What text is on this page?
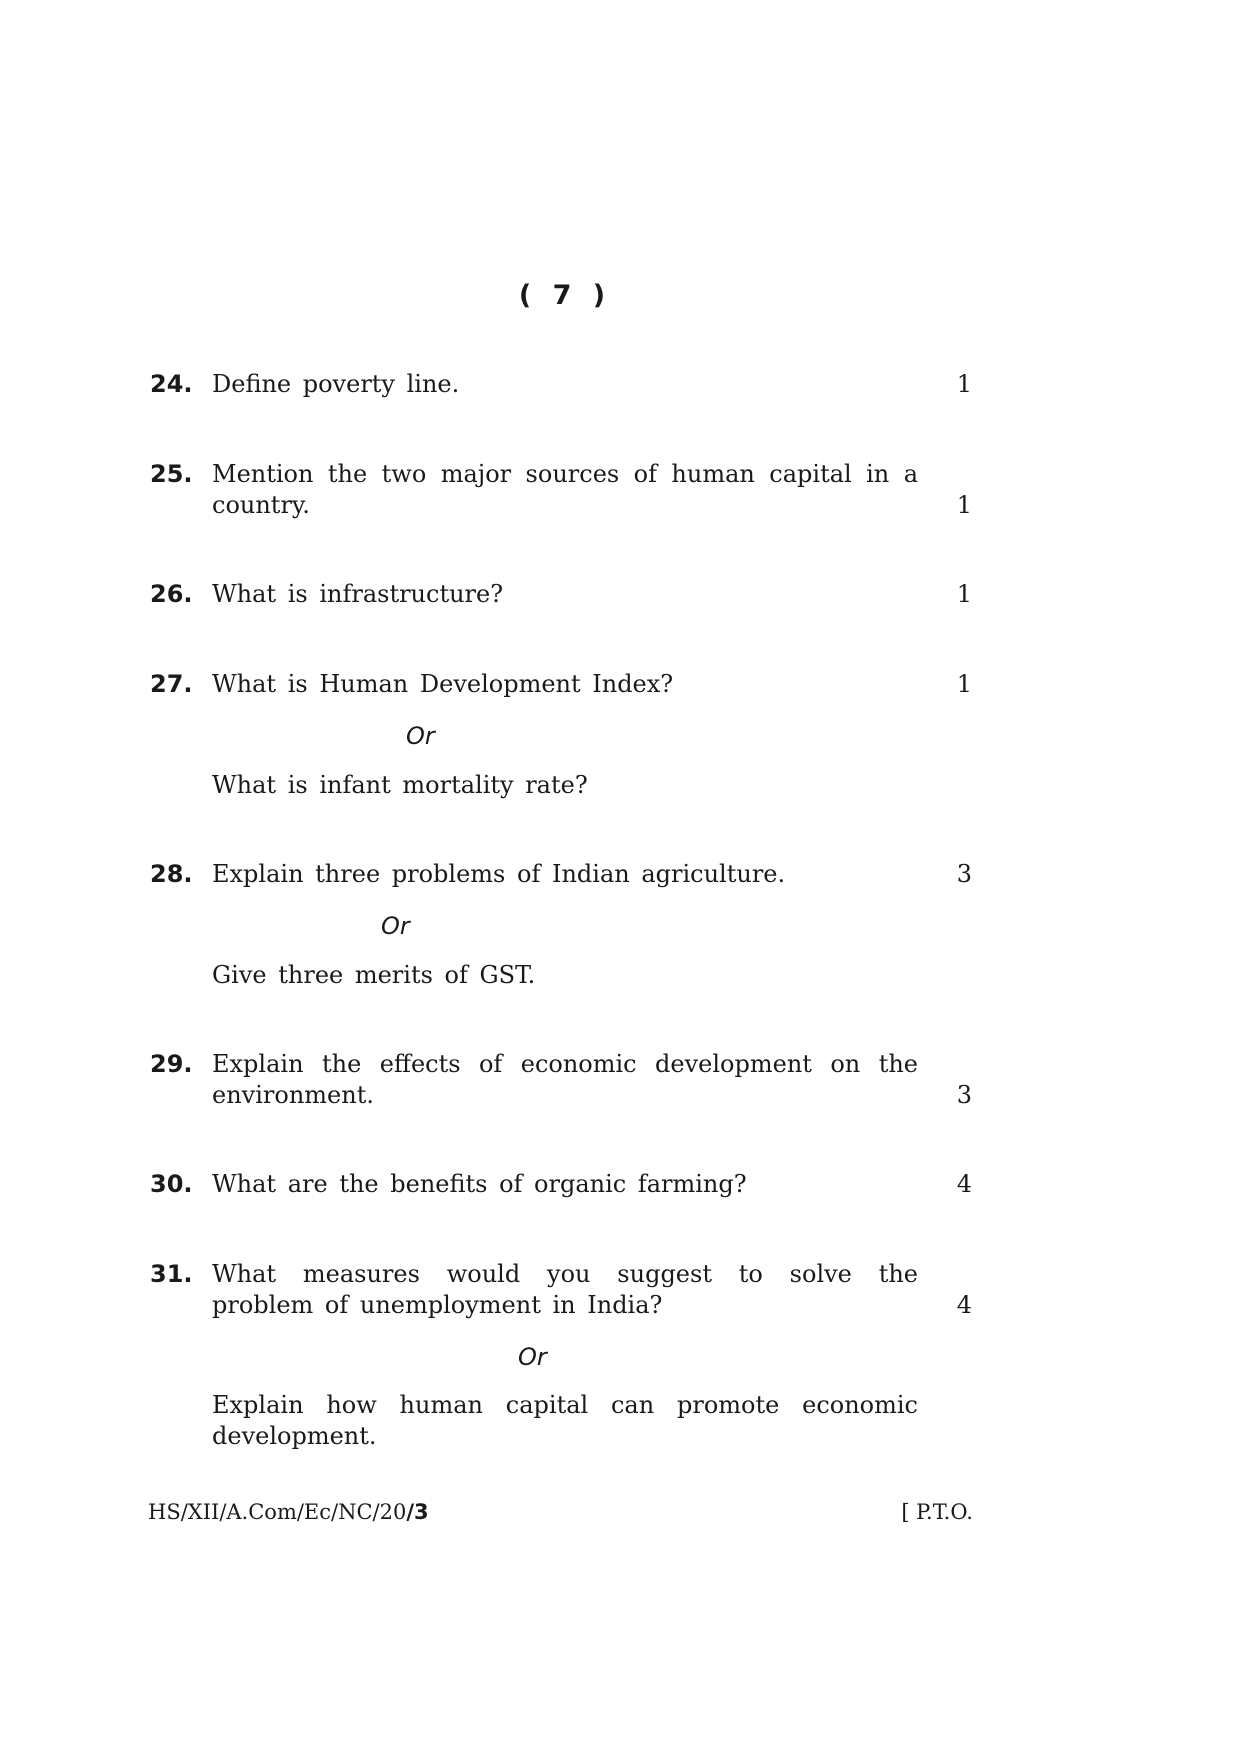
( 7 )
24. Define poverty line.	1
25. Mention the two major sources of human capital in a country.	1
26. What is infrastructure?	1
27. What is Human Development Index?	1
Or
What is infant mortality rate?
28. Explain three problems of Indian agriculture.	3
Or
Give three merits of GST.
29. Explain the effects of economic development on the environment.	3
30. What are the benefits of organic farming?	4
31. What measures would you suggest to solve the problem of unemployment in India?	4
Or
Explain how human capital can promote economic development.
HS/XII/A.Com/Ec/NC/20/3	[ P.T.O.
